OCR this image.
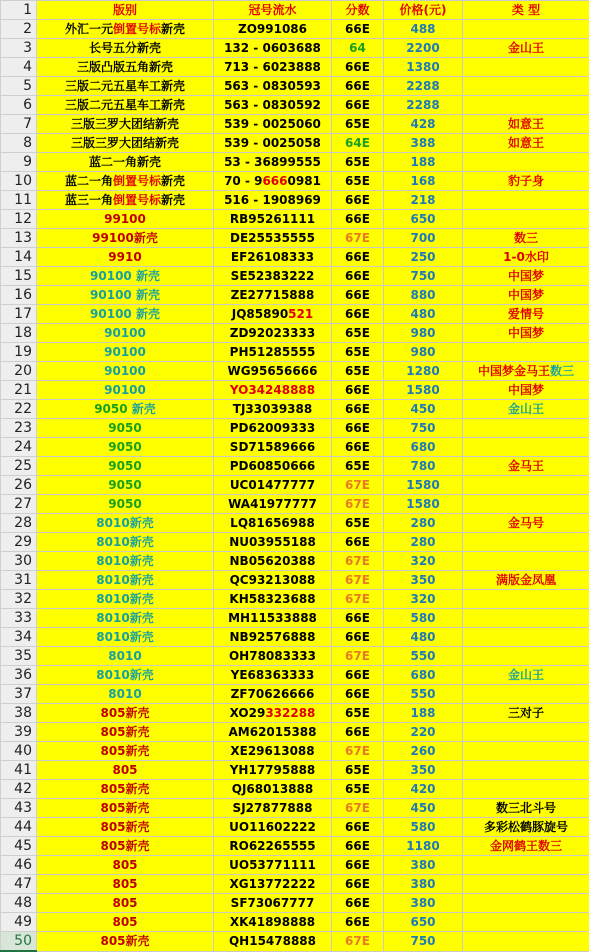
1	版别	冠号流水	分数	价格(元)	类 型
2	外汇一元倒置号标新壳	ZO991086	66E	488	
3	长号五分新壳	132 - 0603688	64	2200	金山王
4	三版凸版五角新壳	713 - 6023888	66E	1380	
5	三版二元五星车工新壳	563 - 0830593	66E	2288	
6	三版二元五星车工新壳	563 - 0830592	66E	2288	
7	三版三罗大团结新壳	539 - 0025060	65E	428	如意王
8	三版三罗大团结新壳	539 - 0025058	64E	388	如意王
9	蓝二一角新壳	53 - 36899555	65E	188	
10	蓝二一角倒置号标新壳	70 - 96660981	65E	168	豹子身
11	蓝三一角倒置号标新壳	516 - 1908969	66E	218	
12	99100	RB95261111	66E	650	
13	99100新壳	DE25535555	67E	700	数三
14	9910	EF26108333	66E	250	1-0水印
15	90100 新壳	SE52383222	66E	750	中国梦
16	90100 新壳	ZE27715888	66E	880	中国梦
17	90100 新壳	JQ85890521	66E	480	爱情号
18	90100	ZD92023333	65E	980	中国梦
19	90100	PH51285555	65E	980	
20	90100	WG95656666	65E	1280	中国梦金马王数三
21	90100	YO34248888	66E	1580	中国梦
22	9050 新壳	TJ33039388	66E	450	金山王
23	9050	PD62009333	66E	750	
24	9050	SD71589666	66E	680	
25	9050	PD60850666	65E	780	金马王
26	9050	UC01477777	67E	1580	
27	9050	WA41977777	67E	1580	
28	8010新壳	LQ81656988	65E	280	金马号
29	8010新壳	NU03955188	66E	280	
30	8010新壳	NB05620388	67E	320	
31	8010新壳	QC93213088	67E	350	满版金凤凰
32	8010新壳	KH58323688	67E	320	
33	8010新壳	MH11533888	66E	580	
34	8010新壳	NB92576888	66E	480	
35	8010	OH78083333	67E	550	
36	8010新壳	YE68363333	66E	680	金山王
37	8010	ZF70626666	66E	550	
38	805新壳	XO29332288	65E	188	三对子
39	805新壳	AM62015388	66E	220	
40	805新壳	XE29613088	67E	260	
41	805	YH17795888	65E	350	
42	805新壳	QJ68013888	65E	420	
43	805新壳	SJ27877888	67E	450	数三北斗号
44	805新壳	UO11602222	66E	580	多彩松鹤豚旋号
45	805新壳	RO62265555	66E	1180	金网鹤王数三
46	805	UO53771111	66E	380	
47	805	XG13772222	66E	380	
48	805	SF73067777	66E	380	
49	805	XK41898888	66E	650	
50	805新壳	QH15478888	67E	750	
